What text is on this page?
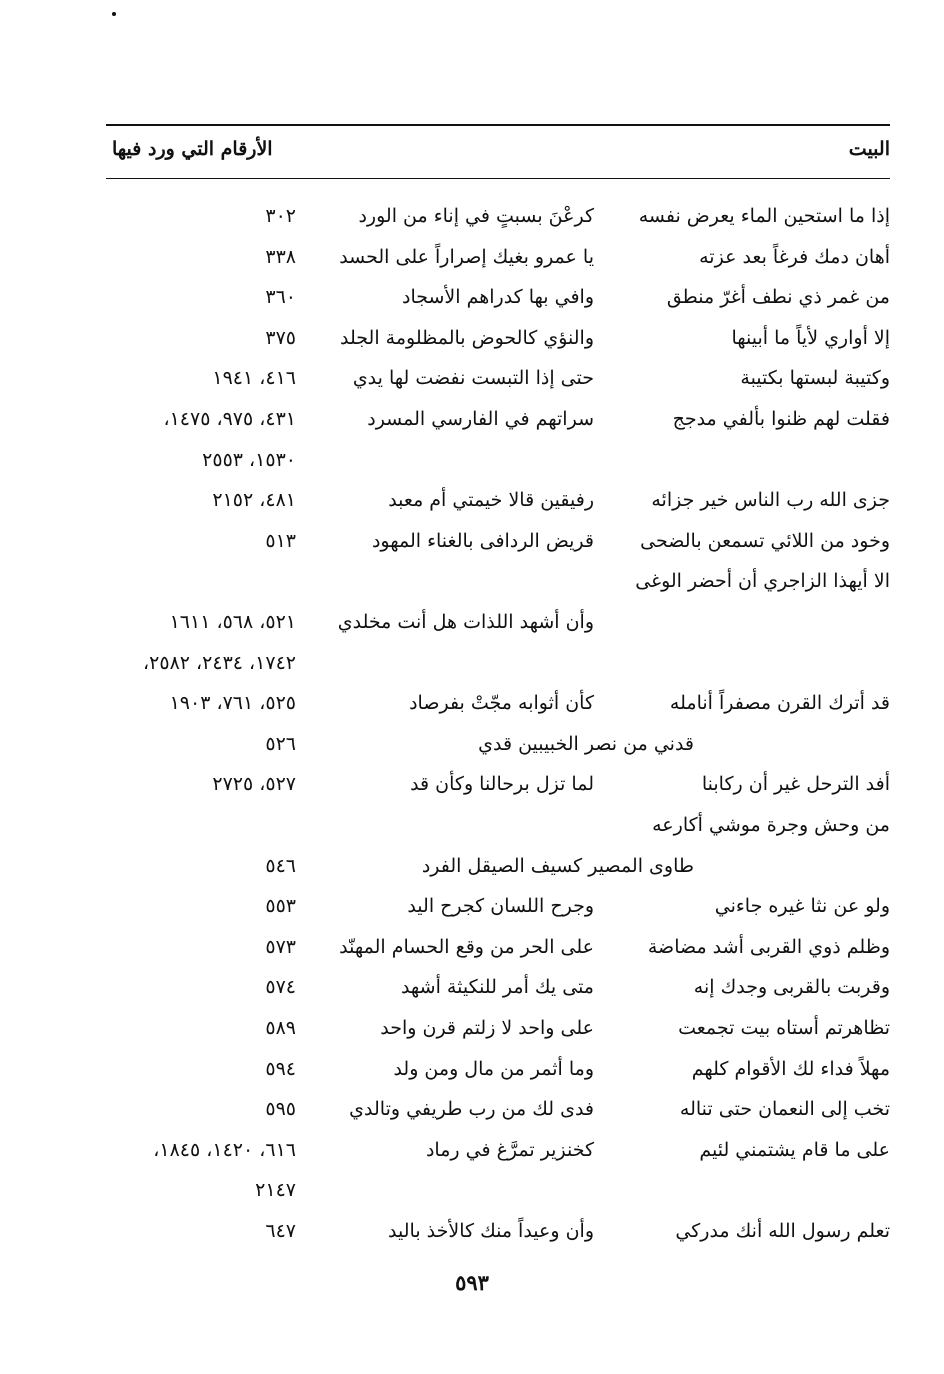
البيت
الأرقام التي ورد فيها
إذا ما استحين الماء يعرض نفسه
كرعْنَ بسبتٍ في إناء من الورد
٣٠٢
أهان دمك فرغاً بعد عزته
يا عمرو بغيك إصراراً على الحسد
٣٣٨
من غمر ذي نطف أغرّ منطق
وافي بها كدراهم الأسجاد
٣٦٠
إلا أواري لأياً ما أبينها
والنؤي كالحوض بالمظلومة الجلد
٣٧٥
وكتيبة لبستها بكتيبة
حتى إذا التبست نفضت لها يدي
٤١٦، ١٩٤١
فقلت لهم ظنوا بألفي مدجج
سراتهم في الفارسي المسرد
٤٣١، ٩٧٥، ١٤٧٥،
١٥٣٠، ٢٥٥٣
جزى الله رب الناس خير جزائه
رفيقين قالا خيمتي أم معبد
٤٨١، ٢١٥٢
وخود من اللائي تسمعن بالضحى
قريض الردافى بالغناء المهود
٥١٣
الا أيهذا الزاجري أن أحضر الوغى
وأن أشهد اللذات هل أنت مخلدي
٥٢١، ٥٦٨، ١٦١١
١٧٤٢، ٢٤٣٤، ٢٥٨٢،
قد أترك القرن مصفراً أنامله
كأن أثوابه مجّتْ بفرصاد
٥٢٥، ٧٦١، ١٩٠٣
قدني من نصر الخبيبين قدي
٥٢٦
أفد الترحل غير أن ركابنا
لما تزل برحالنا وكأن قد
٥٢٧، ٢٧٢٥
من وحش وجرة موشي أكارعه
طاوى المصير كسيف الصيقل الفرد
٥٤٦
ولو عن نثا غيره جاءني
وجرح اللسان كجرح اليد
٥٥٣
وظلم ذوي القربى أشد مضاضة
على الحر من وقع الحسام المهنّد
٥٧٣
وقربت بالقربى وجدك إنه
متى يك أمر للنكيثة أشهد
٥٧٤
تظاهرتم أستاه بيت تجمعت
على واحد لا زلتم قرن واحد
٥٨٩
مهلاً فداء لك الأقوام كلهم
وما أثمر من مال ومن ولد
٥٩٤
تخب إلى النعمان حتى تناله
فدى لك من رب طريفي وتالدي
٥٩٥
على ما قام يشتمني لئيم
كخنزير تمرَّغ في رماد
٦١٦، ١٤٢٠، ١٨٤٥،
٢١٤٧
تعلم رسول الله أنك مدركي
وأن وعيداً منك كالأخذ باليد
٦٤٧
٥٩٣
